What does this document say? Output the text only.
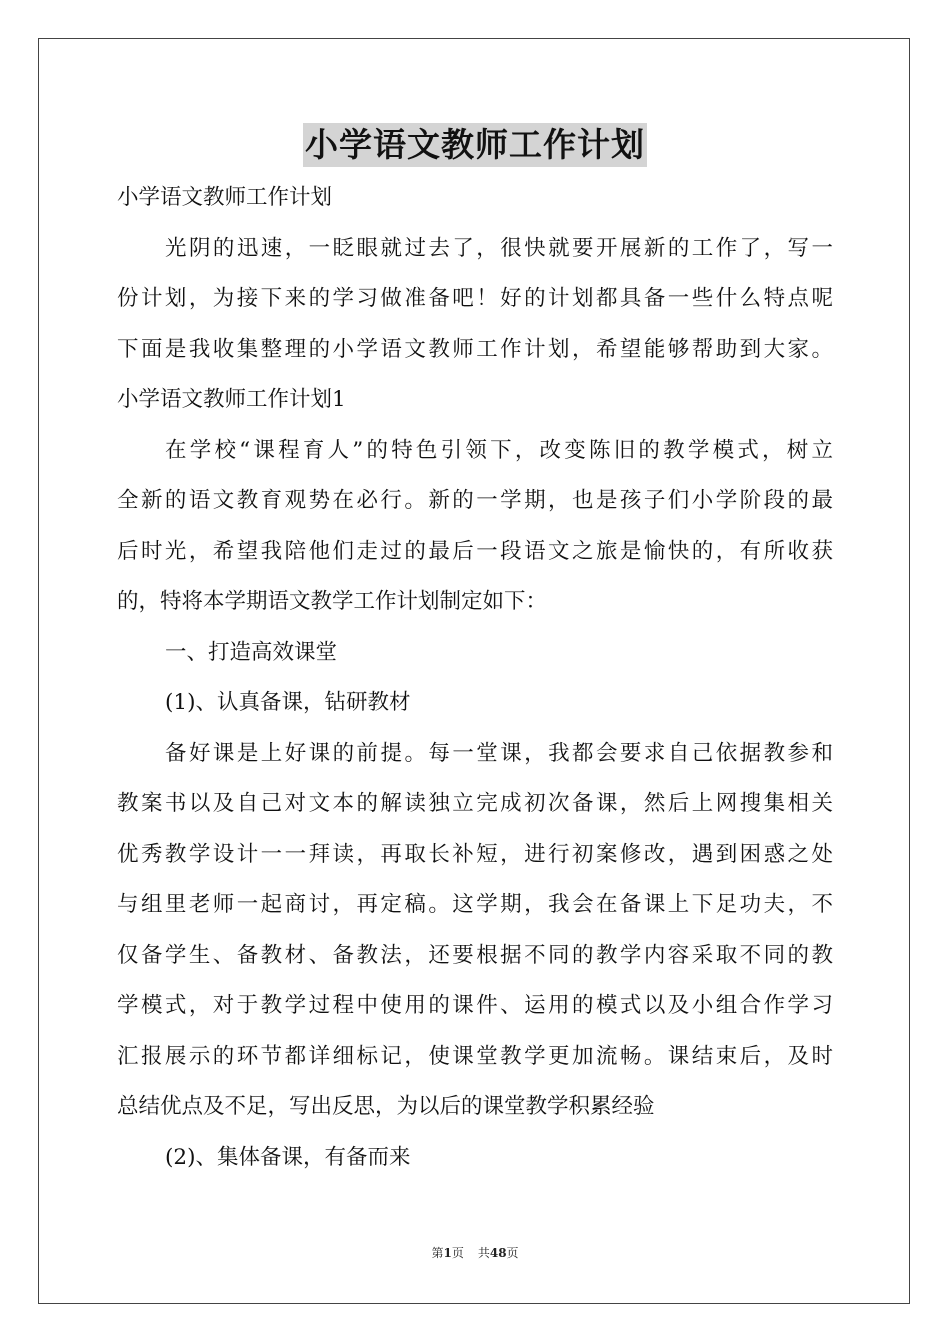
小学语文教师工作计划
小学语文教师工作计划
光阴的迅速，一眨眼就过去了，很快就要开展新的工作了，写一
份计划，为接下来的学习做准备吧！好的计划都具备一些什么特点呢
下面是我收集整理的小学语文教师工作计划，希望能够帮助到大家。
小学语文教师工作计划1
在学校“课程育人”的特色引领下，改变陈旧的教学模式，树立
全新的语文教育观势在必行。新的一学期，也是孩子们小学阶段的最
后时光，希望我陪他们走过的最后一段语文之旅是愉快的，有所收获
的，特将本学期语文教学工作计划制定如下：
一、打造高效课堂
(1)、认真备课，钻研教材
备好课是上好课的前提。每一堂课，我都会要求自己依据教参和
教案书以及自己对文本的解读独立完成初次备课，然后上网搜集相关
优秀教学设计一一拜读，再取长补短，进行初案修改，遇到困惑之处
与组里老师一起商讨，再定稿。这学期，我会在备课上下足功夫，不
仅备学生、备教材、备教法，还要根据不同的教学内容采取不同的教
学模式，对于教学过程中使用的课件、运用的模式以及小组合作学习
汇报展示的环节都详细标记，使课堂教学更加流畅。课结束后，及时
总结优点及不足，写出反思，为以后的课堂教学积累经验
(2)、集体备课，有备而来
第1页 共48页
